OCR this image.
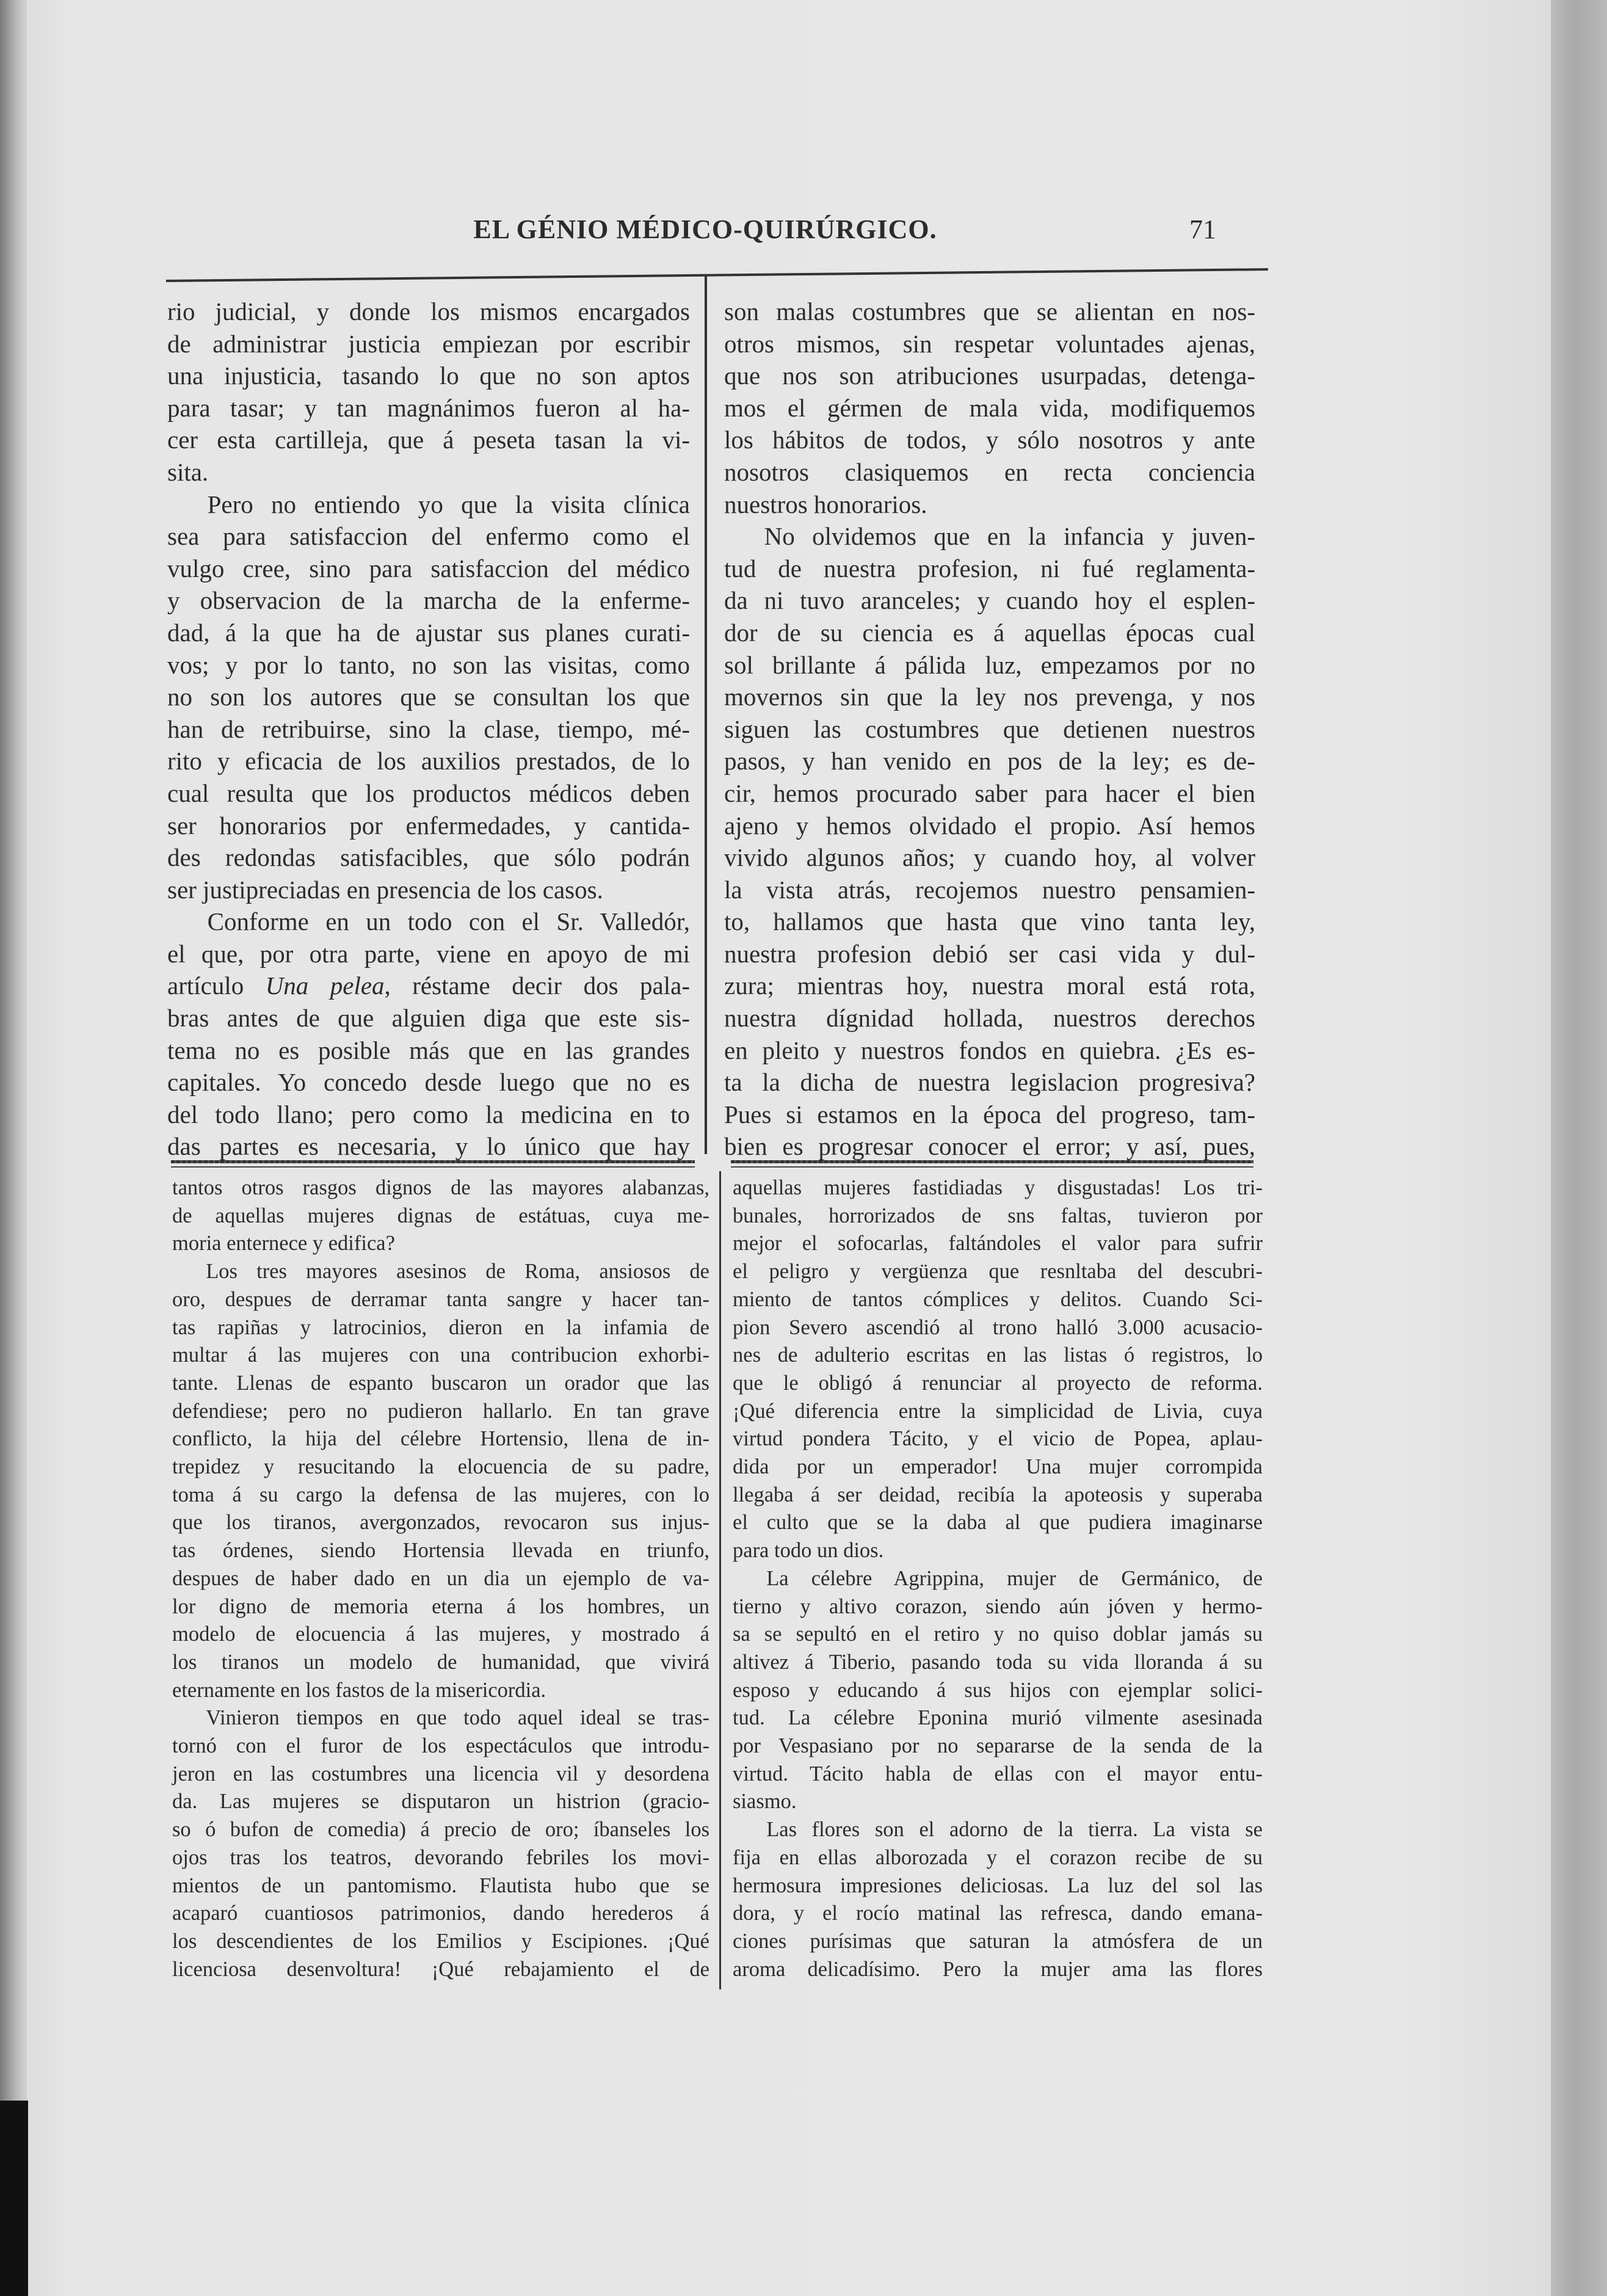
EL GÉNIO MÉDICO-QUIRÚRGICO.	71
rio judicial, y donde los mismos encargados
de administrar justicia empiezan por escribir
una injusticia, tasando lo que no son aptos
para tasar; y tan magnánimos fueron al ha-
cer esta cartilleja, que á peseta tasan la vi-
sita.
Pero no entiendo yo que la visita clínica
sea para satisfaccion del enfermo como el
vulgo cree, sino para satisfaccion del médico
y observacion de la marcha de la enferme-
dad, á la que ha de ajustar sus planes curati-
vos; y por lo tanto, no son las visitas, como
no son los autores que se consultan los que
han de retribuirse, sino la clase, tiempo, mé-
rito y eficacia de los auxilios prestados, de lo
cual resulta que los productos médicos deben
ser honorarios por enfermedades, y cantida-
des redondas satisfacibles, que sólo podrán
ser justipreciadas en presencia de los casos.
Conforme en un todo con el Sr. Valledór,
el que, por otra parte, viene en apoyo de mi
artículo Una pelea, réstame decir dos pala-
bras antes de que alguien diga que este sis-
tema no es posible más que en las grandes
capitales. Yo concedo desde luego que no es
del todo llano; pero como la medicina en to
das partes es necesaria, y lo único que hay
son malas costumbres que se alientan en nos-
otros mismos, sin respetar voluntades ajenas,
que nos son atribuciones usurpadas, detenga-
mos el gérmen de mala vida, modifiquemos
los hábitos de todos, y sólo nosotros y ante
nosotros clasiquemos en recta conciencia
nuestros honorarios.
No olvidemos que en la infancia y juven-
tud de nuestra profesion, ni fué reglamenta-
da ni tuvo aranceles; y cuando hoy el esplen-
dor de su ciencia es á aquellas épocas cual
sol brillante á pálida luz, empezamos por no
movernos sin que la ley nos prevenga, y nos
siguen las costumbres que detienen nuestros
pasos, y han venido en pos de la ley; es de-
cir, hemos procurado saber para hacer el bien
ajeno y hemos olvidado el propio. Así hemos
vivido algunos años; y cuando hoy, al volver
la vista atrás, recojemos nuestro pensamien-
to, hallamos que hasta que vino tanta ley,
nuestra profesion debió ser casi vida y dul-
zura; mientras hoy, nuestra moral está rota,
nuestra dígnidad hollada, nuestros derechos
en pleito y nuestros fondos en quiebra. ¿Es es-
ta la dicha de nuestra legislacion progresiva?
Pues si estamos en la época del progreso, tam-
bien es progresar conocer el error; y así, pues,
tantos otros rasgos dignos de las mayores alabanzas,
de aquellas mujeres dignas de estátuas, cuya me-
moria enternece y edifica?
Los tres mayores asesinos de Roma, ansiosos de
oro, despues de derramar tanta sangre y hacer tan-
tas rapiñas y latrocinios, dieron en la infamia de
multar á las mujeres con una contribucion exhorbi-
tante. Llenas de espanto buscaron un orador que las
defendiese; pero no pudieron hallarlo. En tan grave
conflicto, la hija del célebre Hortensio, llena de in-
trepidez y resucitando la elocuencia de su padre,
toma á su cargo la defensa de las mujeres, con lo
que los tiranos, avergonzados, revocaron sus injus-
tas órdenes, siendo Hortensia llevada en triunfo,
despues de haber dado en un dia un ejemplo de va-
lor digno de memoria eterna á los hombres, un
modelo de elocuencia á las mujeres, y mostrado á
los tiranos un modelo de humanidad, que vivirá
eternamente en los fastos de la misericordia.
Vinieron tiempos en que todo aquel ideal se tras-
tornó con el furor de los espectáculos que introdu-
jeron en las costumbres una licencia vil y desordena
da. Las mujeres se disputaron un histrion (gracio-
so ó bufon de comedia) á precio de oro; íbanseles los
ojos tras los teatros, devorando febriles los movi-
mientos de un pantomismo. Flautista hubo que se
acaparó cuantiosos patrimonios, dando herederos á
los descendientes de los Emilios y Escipiones. ¡Qué
licenciosa desenvoltura! ¡Qué rebajamiento el de
aquellas mujeres fastidiadas y disgustadas! Los tri-
bunales, horrorizados de sns faltas, tuvieron por
mejor el sofocarlas, faltándoles el valor para sufrir
el peligro y vergüenza que resnltaba del descubri-
miento de tantos cómplices y delitos. Cuando Sci-
pion Severo ascendió al trono halló 3.000 acusacio-
nes de adulterio escritas en las listas ó registros, lo
que le obligó á renunciar al proyecto de reforma.
¡Qué diferencia entre la simplicidad de Livia, cuya
virtud pondera Tácito, y el vicio de Popea, aplau-
dida por un emperador! Una mujer corrompida
llegaba á ser deidad, recibía la apoteosis y superaba
el culto que se la daba al que pudiera imaginarse
para todo un dios.
La célebre Agrippina, mujer de Germánico, de
tierno y altivo corazon, siendo aún jóven y hermo-
sa se sepultó en el retiro y no quiso doblar jamás su
altivez á Tiberio, pasando toda su vida lloranda á su
esposo y educando á sus hijos con ejemplar solici-
tud. La célebre Eponina murió vilmente asesinada
por Vespasiano por no separarse de la senda de la
virtud. Tácito habla de ellas con el mayor entu-
siasmo.
Las flores son el adorno de la tierra. La vista se
fija en ellas alborozada y el corazon recibe de su
hermosura impresiones deliciosas. La luz del sol las
dora, y el rocío matinal las refresca, dando emana-
ciones purísimas que saturan la atmósfera de un
aroma delicadísimo. Pero la mujer ama las flores
